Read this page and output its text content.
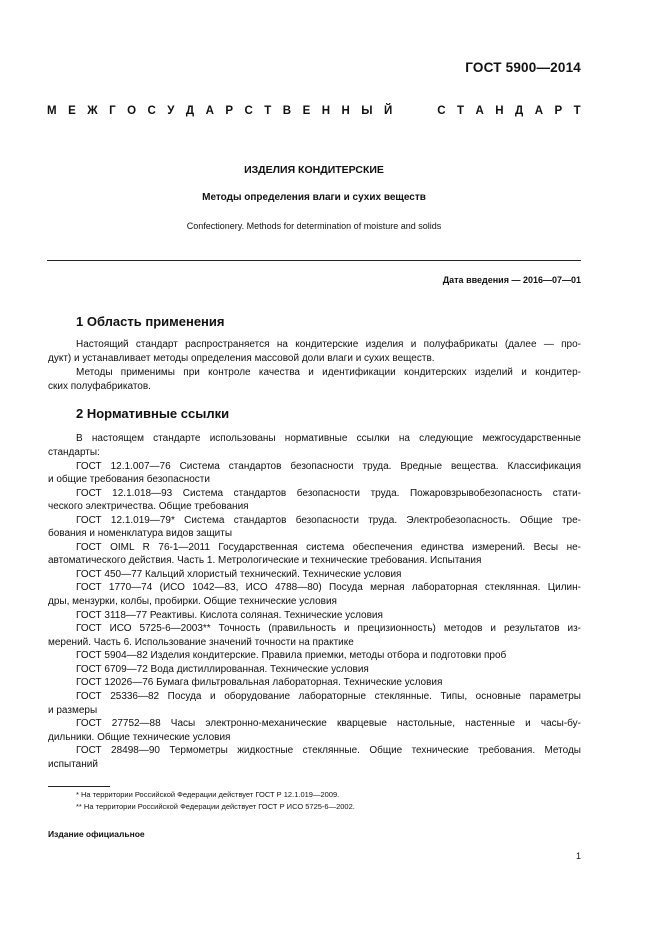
ГОСТ 5900—2014
М Е Ж Г О С У Д А Р С Т В Е Н Н Ы Й	С Т А Н Д А Р Т
ИЗДЕЛИЯ КОНДИТЕРСКИЕ
Методы определения влаги и сухих веществ
Confectionery. Methods for determination of moisture and solids
Дата введения — 2016—07—01
1 Область применения
Настоящий стандарт распространяется на кондитерские изделия и полуфабрикаты (далее — про-
дукт) и устанавливает методы определения массовой доли влаги и сухих веществ.
Методы применимы при контроле качества и идентификации кондитерских изделий и кондитер-
ских полуфабрикатов.
2 Нормативные ссылки
В настоящем стандарте использованы нормативные ссылки на следующие межгосударственные
стандарты:
ГОСТ 12.1.007—76 Система стандартов безопасности труда. Вредные вещества. Классификация
и общие требования безопасности
ГОСТ 12.1.018—93 Система стандартов безопасности труда. Пожаровзрывобезопасность стати-
ческого электричества. Общие требования
ГОСТ 12.1.019—79* Система стандартов безопасности труда. Электробезопасность. Общие тре-
бования и номенклатура видов защиты
ГОСТ OIML R 76-1—2011 Государственная система обеспечения единства измерений. Весы не-
автоматического действия. Часть 1. Метрологические и технические требования. Испытания
ГОСТ 450—77 Кальций хлористый технический. Технические условия
ГОСТ 1770—74 (ИСО 1042—83, ИСО 4788—80) Посуда мерная лабораторная стеклянная. Цилин-
дры, мензурки, колбы, пробирки. Общие технические условия
ГОСТ 3118—77 Реактивы. Кислота соляная. Технические условия
ГОСТ ИСО 5725-6—2003** Точность (правильность и прецизионность) методов и результатов из-
мерений. Часть 6. Использование значений точности на практике
ГОСТ 5904—82 Изделия кондитерские. Правила приемки, методы отбора и подготовки проб
ГОСТ 6709—72 Вода дистиллированная. Технические условия
ГОСТ 12026—76 Бумага фильтровальная лабораторная. Технические условия
ГОСТ 25336—82 Посуда и оборудование лабораторные стеклянные. Типы, основные параметры
и размеры
ГОСТ 27752—88 Часы электронно-механические кварцевые настольные, настенные и часы-бу-
дильники. Общие технические условия
ГОСТ 28498—90 Термометры жидкостные стеклянные. Общие технические требования. Методы
испытаний
* На территории Российской Федерации действует ГОСТ Р 12.1.019—2009.
** На территории Российской Федерации действует ГОСТ Р ИСО 5725-6—2002.
Издание официальное
1
